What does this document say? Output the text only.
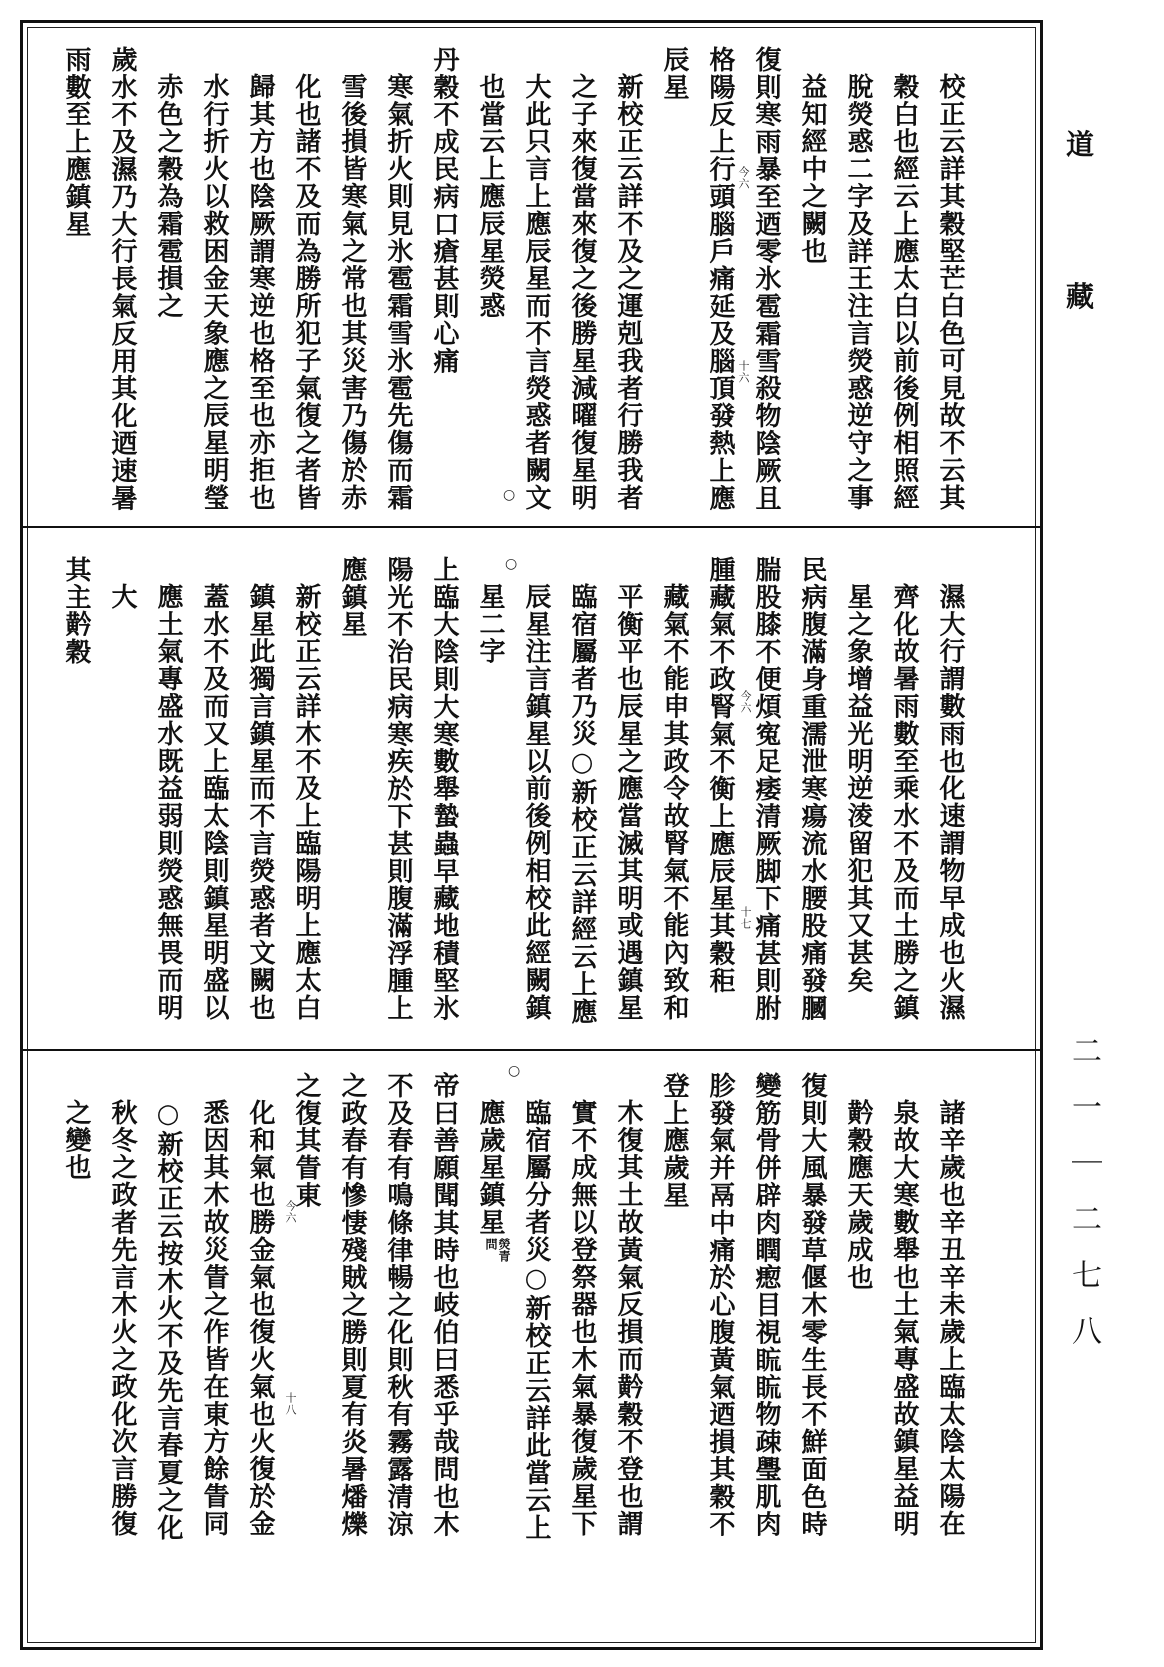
校正云詳其穀堅芒白色可見故不云其
穀白也經云上應太白以前後例相照經
脫熒惑二字及詳王注言熒惑逆守之事
益知經中之闕也
復則寒雨暴至迺零氷雹霜雪殺物陰厥且
格陽反上行頭腦戶痛延及腦頂發熱上應
辰星
新校正云詳不及之運剋我者行勝我者
之子來復當來復之後勝星減曜復星明
大此只言上應辰星而不言熒惑者闕文
也當云上應辰星熒惑
丹穀不成民病口瘡甚則心痛
寒氣折火則見氷雹霜雪氷雹先傷而霜
雪後損皆寒氣之常也其災害乃傷於赤
化也諸不及而為勝所犯子氣復之者皆
歸其方也陰厥謂寒逆也格至也亦拒也
水行折火以救困金天象應之辰星明瑩
赤色之穀為霜雹損之
歲水不及濕乃大行長氣反用其化迺速暑
雨數至上應鎮星
濕大行謂數雨也化速謂物早成也火濕
齊化故暑雨數至乘水不及而土勝之鎮
星之象增益光明逆淩留犯其又甚矣
民病腹滿身重濡泄寒瘍流水腰股痛發膕
腨股膝不便煩寃足痿清厥脚下痛甚則胕
腫藏氣不政腎氣不衡上應辰星其穀秬
藏氣不能申其政令故腎氣不能內致和
平衡平也辰星之應當滅其明或遇鎮星
臨宿屬者乃災○新校正云詳經云上應
辰星注言鎮星以前後例相校此經闕鎮
星二字
上臨大陰則大寒數舉蟄蟲早藏地積堅氷
陽光不治民病寒疾於下甚則腹滿浮腫上
應鎮星
新校正云詳木不及上臨陽明上應太白
鎮星此獨言鎮星而不言熒惑者文闕也
蓋水不及而又上臨太陰則鎮星明盛以
應土氣專盛水既益弱則熒惑無畏而明
大
其主黅穀
諸辛歲也辛丑辛未歲上臨太陰太陽在
泉故大寒數舉也土氣專盛故鎮星益明
黅穀應天歲成也
復則大風暴發草偃木零生長不鮮面色時
變筋骨併辟肉瞤瘛目視䀮䀮物疎璺肌肉
胗發氣并鬲中痛於心腹黃氣迺損其穀不
登上應歲星
木復其土故黃氣反損而黅穀不登也謂
實不成無以登祭器也木氣暴復歲星下
臨宿屬分者災○新校正云詳此當云上
應歲星鎮星
熒青
問
帝曰善願聞其時也岐伯曰悉乎哉問也木
不及春有鳴條律暢之化則秋有霧露清涼
之政春有慘悽殘賊之勝則夏有炎暑燔爍
之復其眚東
化和氣也勝金氣也復火氣也火復於金
悉因其木故災眚之作皆在東方餘眚同
○新校正云按木火不及先言春夏之化
秋冬之政者先言木火之政化次言勝復
之變也
今六
十六
今六
十七
今六
十八
○
○
○
道
藏
二一｜二七八
